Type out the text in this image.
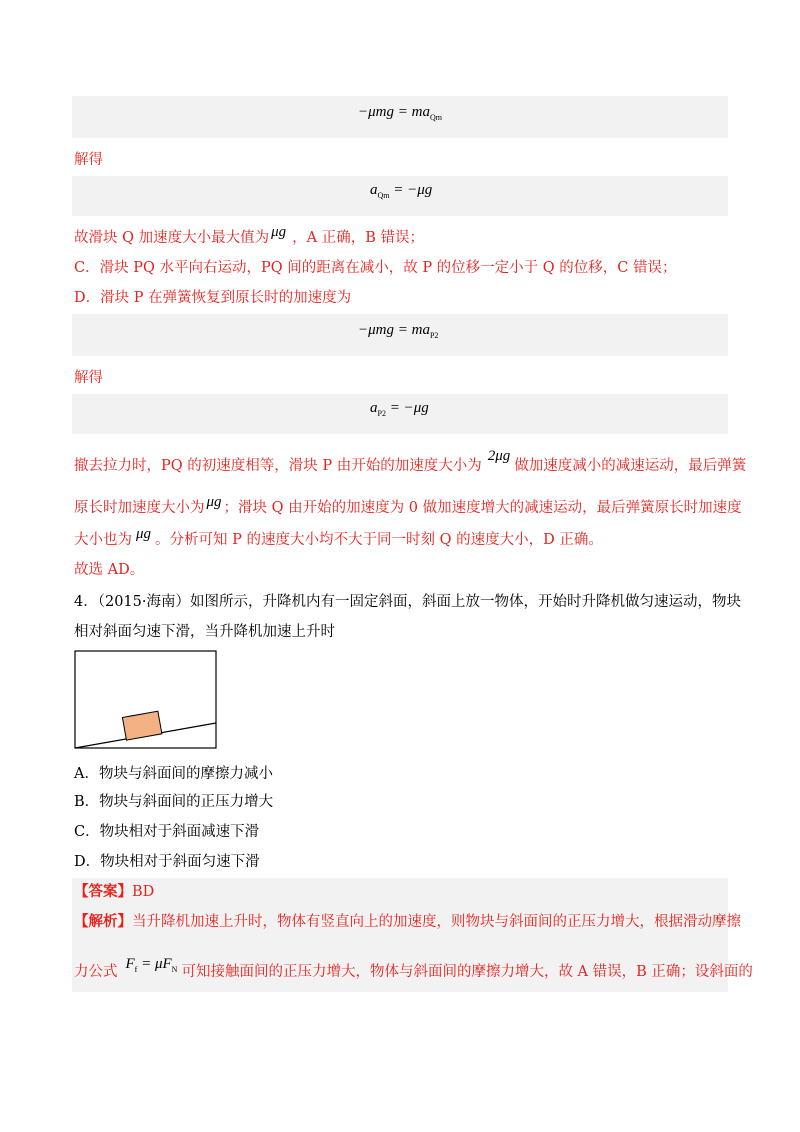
$-\mu mg = ma_{Qm}$
解得
$a_{Qm} = -\mu g$
故滑块 Q 加速度大小最大值为 μg ，A 正确，B 错误；
C．滑块 PQ 水平向右运动，PQ 间的距离在减小，故 P 的位移一定小于 Q 的位移，C 错误；
D．滑块 P 在弹簧恢复到原长时的加速度为
$-\mu mg = ma_{P2}$
解得
$a_{P2} = -\mu g$
撤去拉力时，PQ 的初速度相等，滑块 P 由开始的加速度大小为2μg做加速度减小的减速运动，最后弹簧
原长时加速度大小为 μg ；滑块 Q 由开始的加速度为 0 做加速度增大的减速运动，最后弹簧原长时加速度
大小也为 μg 。分析可知 P 的速度大小均不大于同一时刻 Q 的速度大小，D 正确。
故选 AD。
4．（2015·海南）如图所示，升降机内有一固定斜面，斜面上放一物体，开始时升降机做匀速运动，物块
相对斜面匀速下滑，当升降机加速上升时
A．物块与斜面间的摩擦力减小
B．物块与斜面间的正压力增大
C．物块相对于斜面减速下滑
D．物块相对于斜面匀速下滑
【答案】BD
【解析】当升降机加速上升时，物体有竖直向上的加速度，则物块与斜面间的正压力增大，根据滑动摩擦
力公式 $F_f = \mu F_N$ 可知接触面间的正压力增大，物体与斜面间的摩擦力增大，故 A 错误，B 正确；设斜面的
